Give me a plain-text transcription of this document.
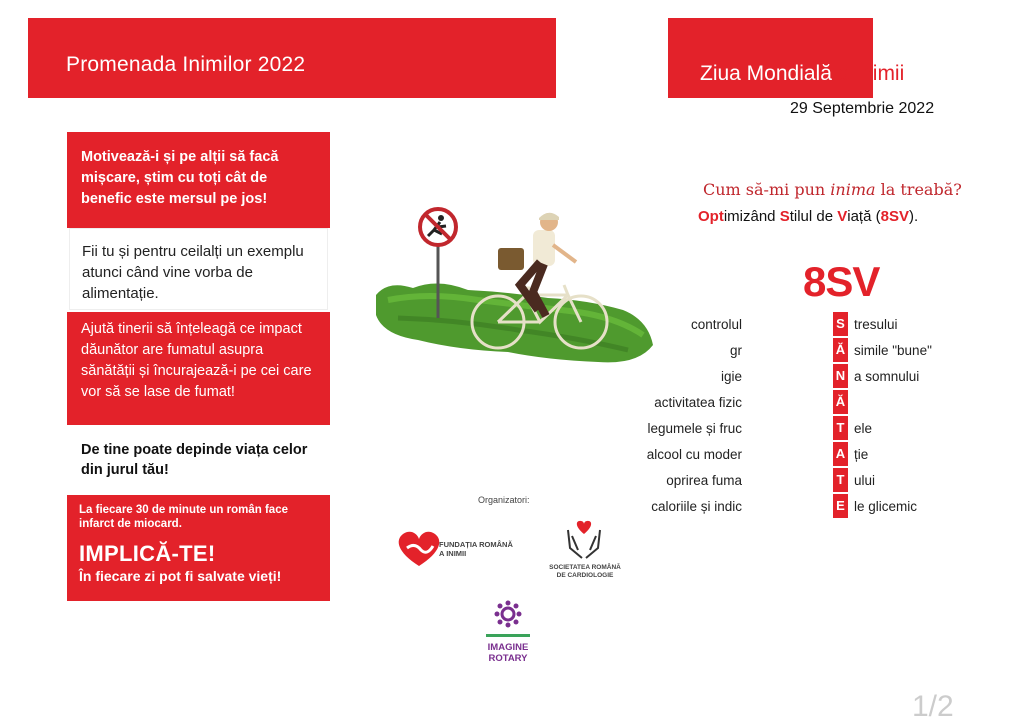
Promenada Inimilor 2022	Ziua Mondială a Inimii
29 Septembrie 2022
Motivează-i și pe alții să facă mișcare, știm cu toți cât de benefic este mersul pe jos!
Fii tu și pentru ceilalți un exemplu atunci când vine vorba de alimentație.
Ajută tinerii să înțeleagă ce impact dăunător are fumatul asupra sănătății și încurajează-i pe cei care vor să se lase de fumat!
De tine poate depinde viața celor din jurul tău!
La fiecare 30 de minute un român face infarct de miocard.
IMPLICĂ-TE!
În fiecare zi pot fi salvate vieți!
Organizatori:
FUNDAȚIA ROMÂNĂ
A INIMII
SOCIETATEA ROMÂNĂ
DE CARDIOLOGIE
IMAGINE
ROTARY
Cum să-mi pun inima la treabă?
Optimizând Stilul de Viață (8SV).
8SV
controlul	S tresului
gr	Ă simile "bune"
igie	N a somnului
activitatea fizic	Ă
legumele și fruc	T ele
alcool cu moder	A ție
oprirea fuma	T ului
caloriile și indic	E le glicemic
1/2
